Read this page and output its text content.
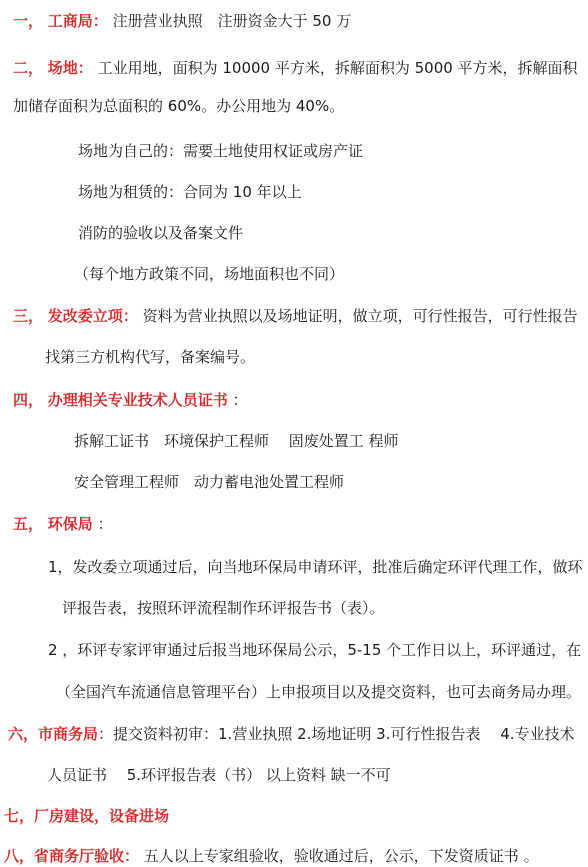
一， 工商局： 注册营业执照　注册资金大于 50 万
二， 场地： 工业用地，面积为 10000 平方米，拆解面积为 5000 平方米，拆解面积
加储存面积为总面积的 60%。办公用地为 40%。
场地为自己的：需要土地使用权证或房产证
场地为租赁的：合同为 10 年以上
消防的验收以及备案文件
（每个地方政策不同，场地面积也不同）
三， 发改委立项： 资料为营业执照以及场地证明，做立项，可行性报告，可行性报告
找第三方机构代写，备案编号。
四， 办理相关专业技术人员证书 ：
拆解工证书　环境保护工程师　 固废处置工 程师
安全管理工程师　动力蓄电池处置工程师
五， 环保局 ：
1，发改委立项通过后，向当地环保局申请环评，批准后确定环评代理工作，做环
评报告表，按照环评流程制作环评报告书（表）。
2 ，环评专家评审通过后报当地环保局公示，5-15 个工作日以上，环评通过，在
（全国汽车流通信息管理平台）上申报项目以及提交资料，也可去商务局办理。
六，市商务局：提交资料初审：1.营业执照 2.场地证明 3.可行性报告表　 4.专业技术
人员证书　 5.环评报告表（书） 以上资料 缺一不可
七，厂房建设，设备进场
八，省商务厅验收： 五人以上专家组验收，验收通过后，公示，下发资质证书 。
